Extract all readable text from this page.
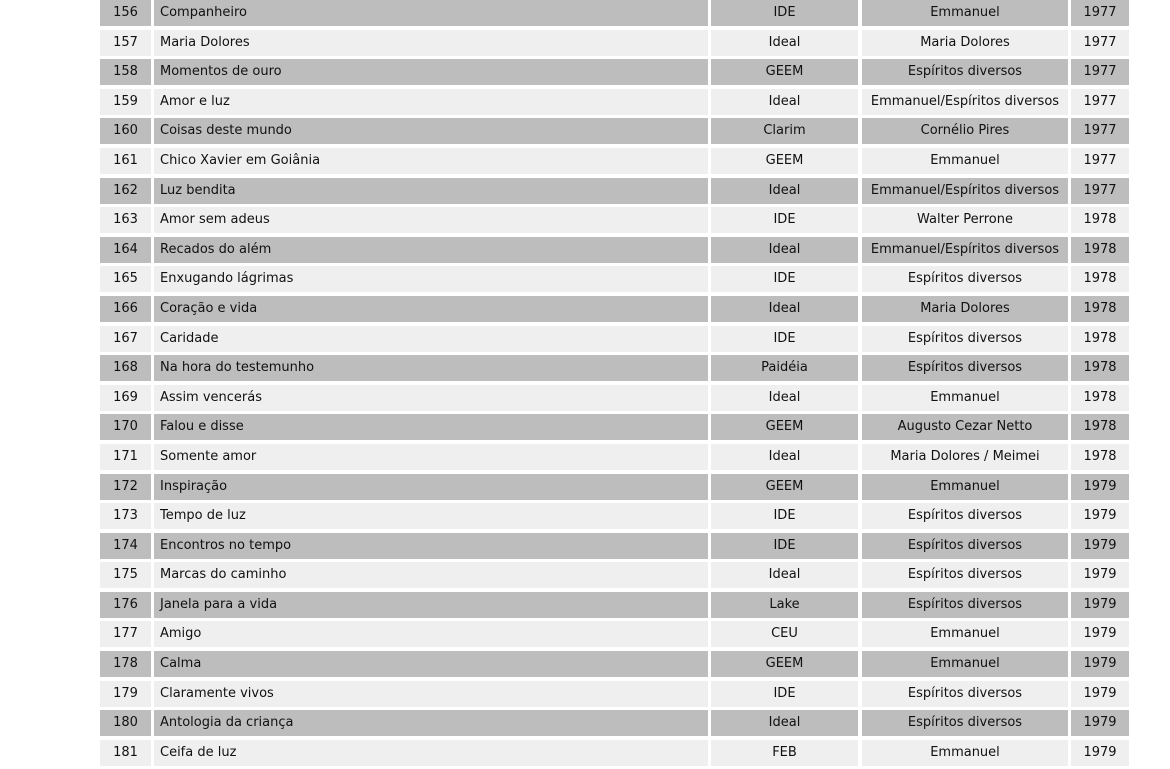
156	Companheiro	IDE	Emmanuel	1977
157	Maria Dolores	Ideal	Maria Dolores	1977
158	Momentos de ouro	GEEM	Espíritos diversos	1977
159	Amor e luz	Ideal	Emmanuel/Espíritos diversos	1977
160	Coisas deste mundo	Clarim	Cornélio Pires	1977
161	Chico Xavier em Goiânia	GEEM	Emmanuel	1977
162	Luz bendita	Ideal	Emmanuel/Espíritos diversos	1977
163	Amor sem adeus	IDE	Walter Perrone	1978
164	Recados do além	Ideal	Emmanuel/Espíritos diversos	1978
165	Enxugando lágrimas	IDE	Espíritos diversos	1978
166	Coração e vida	Ideal	Maria Dolores	1978
167	Caridade	IDE	Espíritos diversos	1978
168	Na hora do testemunho	Paidéia	Espíritos diversos	1978
169	Assim vencerás	Ideal	Emmanuel	1978
170	Falou e disse	GEEM	Augusto Cezar Netto	1978
171	Somente amor	Ideal	Maria Dolores / Meimei	1978
172	Inspiração	GEEM	Emmanuel	1979
173	Tempo de luz	IDE	Espíritos diversos	1979
174	Encontros no tempo	IDE	Espíritos diversos	1979
175	Marcas do caminho	Ideal	Espíritos diversos	1979
176	Janela para a vida	Lake	Espíritos diversos	1979
177	Amigo	CEU	Emmanuel	1979
178	Calma	GEEM	Emmanuel	1979
179	Claramente vivos	IDE	Espíritos diversos	1979
180	Antologia da criança	Ideal	Espíritos diversos	1979
181	Ceifa de luz	FEB	Emmanuel	1979
